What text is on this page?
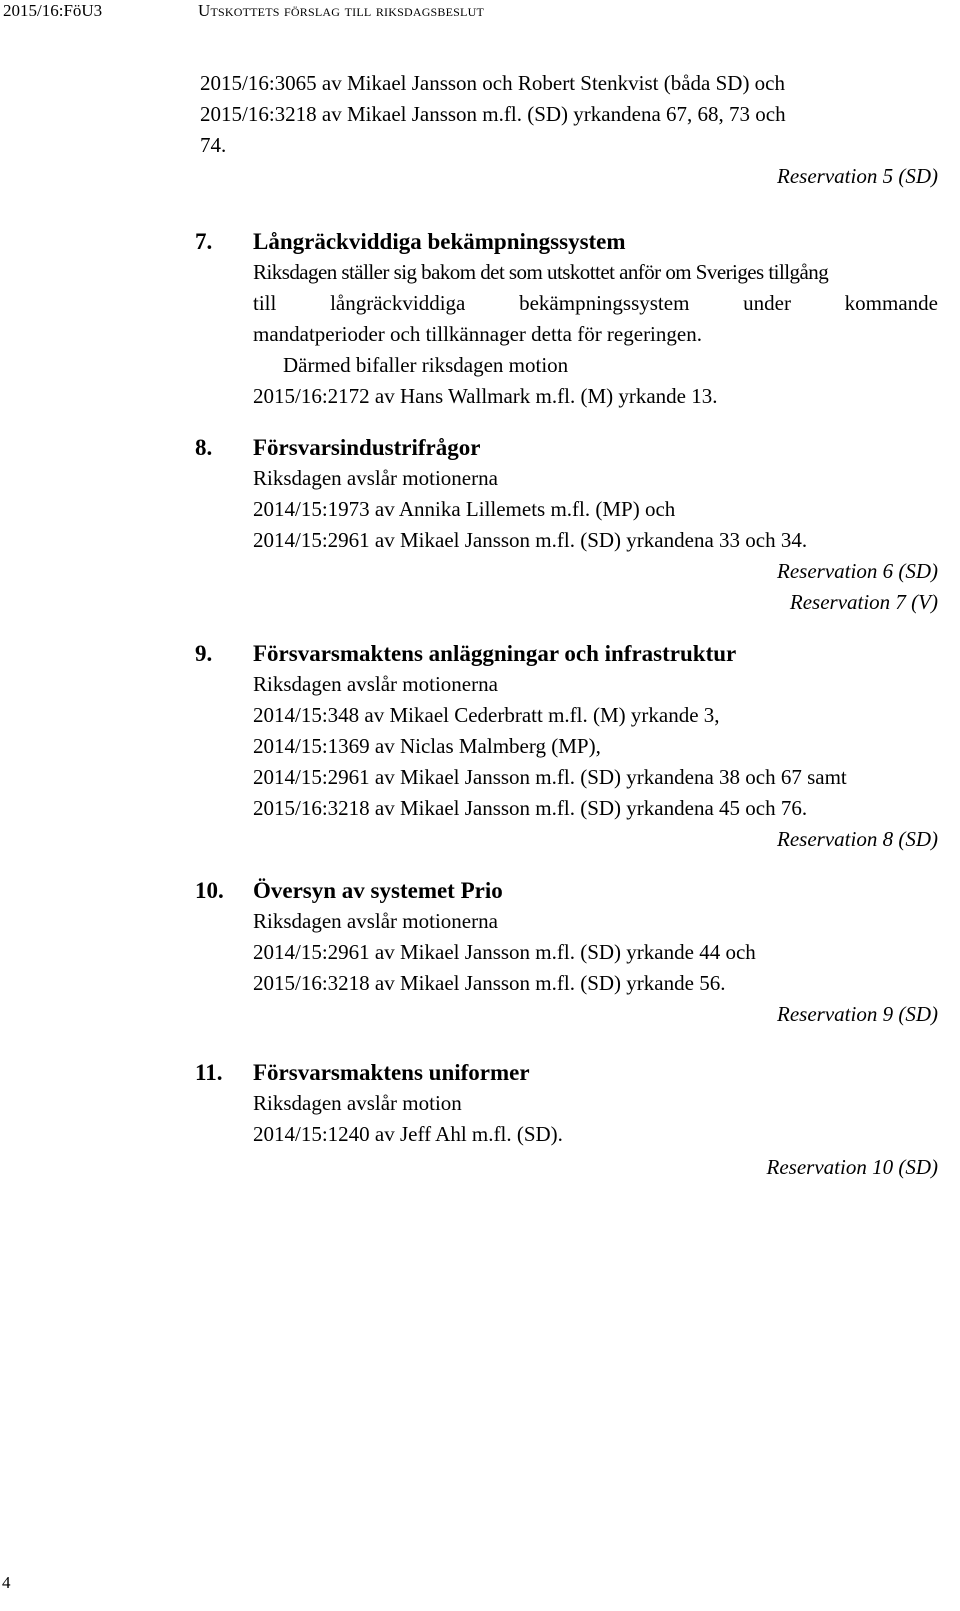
2015/16:FöU3	Utskottets förslag till riksdagsbeslut

2015/16:3065 av Mikael Jansson och Robert Stenkvist (båda SD) och

2015/16:3218 av Mikael Jansson m.fl. (SD) yrkandena 67, 68, 73 och

74.

Reservation 5 (SD)

7.	Långräckviddiga bekämpningssystem

Riksdagen ställer sig bakom det som utskottet anför om Sveriges tillgång

till långräckviddiga bekämpningssystem under kommande

mandatperioder och tillkännager detta för regeringen.

Därmed bifaller riksdagen motion

2015/16:2172 av Hans Wallmark m.fl. (M) yrkande 13.

8.	Försvarsindustrifrågor

Riksdagen avslår motionerna

2014/15:1973 av Annika Lillemets m.fl. (MP) och

2014/15:2961 av Mikael Jansson m.fl. (SD) yrkandena 33 och 34.

Reservation 6 (SD)

Reservation 7 (V)

9.	Försvarsmaktens anläggningar och infrastruktur

Riksdagen avslår motionerna

2014/15:348 av Mikael Cederbratt m.fl. (M) yrkande 3,

2014/15:1369 av Niclas Malmberg (MP),

2014/15:2961 av Mikael Jansson m.fl. (SD) yrkandena 38 och 67 samt

2015/16:3218 av Mikael Jansson m.fl. (SD) yrkandena 45 och 76.

Reservation 8 (SD)

10.	Översyn av systemet Prio

Riksdagen avslår motionerna

2014/15:2961 av Mikael Jansson m.fl. (SD) yrkande 44 och

2015/16:3218 av Mikael Jansson m.fl. (SD) yrkande 56.

Reservation 9 (SD)

11.	Försvarsmaktens uniformer

Riksdagen avslår motion

2014/15:1240 av Jeff Ahl m.fl. (SD).

Reservation 10 (SD)

4
